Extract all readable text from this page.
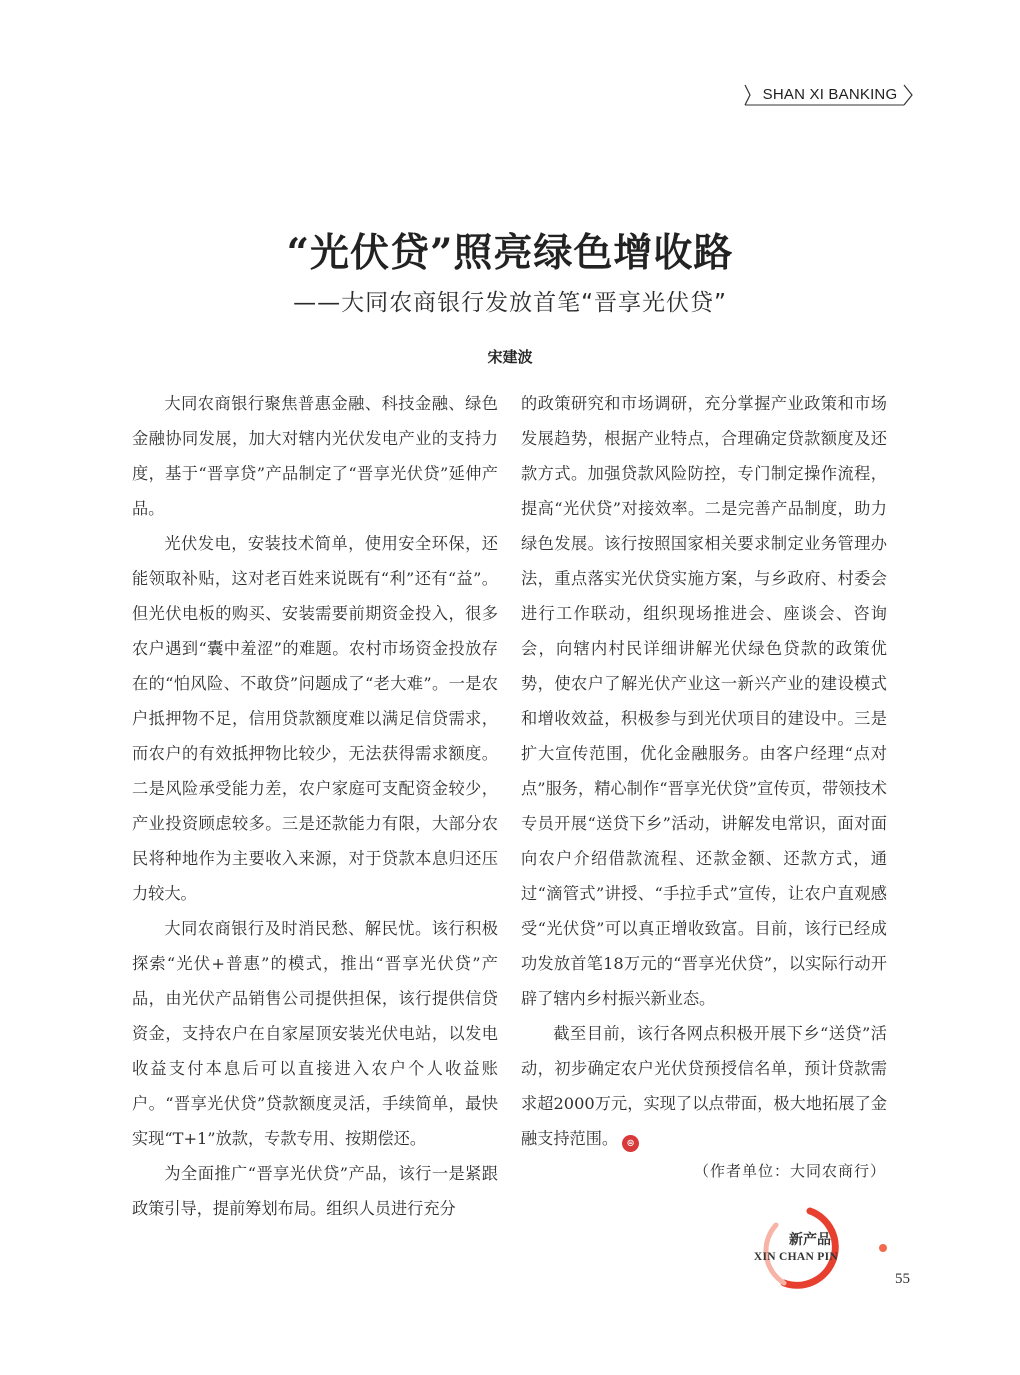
SHAN XI BANKING
“光伏贷”照亮绿色增收路
——大同农商银行发放首笔“晋享光伏贷”
宋建波

大同农商银行聚焦普惠金融、科技金融、绿色金融协同发展，加大对辖内光伏发电产业的支持力度，基于“晋享贷”产品制定了“晋享光伏贷”延伸产品。

光伏发电，安装技术简单，使用安全环保，还能领取补贴，这对老百姓来说既有“利”还有“益”。但光伏电板的购买、安装需要前期资金投入，很多农户遇到“囊中羞涩”的难题。农村市场资金投放存在的“怕风险、不敢贷”问题成了“老大难”。一是农户抵押物不足，信用贷款额度难以满足信贷需求，而农户的有效抵押物比较少，无法获得需求额度。二是风险承受能力差，农户家庭可支配资金较少，产业投资顾虑较多。三是还款能力有限，大部分农民将种地作为主要收入来源，对于贷款本息归还压力较大。

大同农商银行及时消民愁、解民忧。该行积极探索“光伏+普惠”的模式，推出“晋享光伏贷”产品，由光伏产品销售公司提供担保，该行提供信贷资金，支持农户在自家屋顶安装光伏电站，以发电收益支付本息后可以直接进入农户个人收益账户。“晋享光伏贷”贷款额度灵活，手续简单，最快实现“T+1”放款，专款专用、按期偿还。

为全面推广“晋享光伏贷”产品，该行一是紧跟政策引导，提前筹划布局。组织人员进行充分

的政策研究和市场调研，充分掌握产业政策和市场发展趋势，根据产业特点，合理确定贷款额度及还款方式。加强贷款风险防控，专门制定操作流程，提高“光伏贷”对接效率。二是完善产品制度，助力绿色发展。该行按照国家相关要求制定业务管理办法，重点落实光伏贷实施方案，与乡政府、村委会进行工作联动，组织现场推进会、座谈会、咨询会，向辖内村民详细讲解光伏绿色贷款的政策优势，使农户了解光伏产业这一新兴产业的建设模式和增收效益，积极参与到光伏项目的建设中。三是扩大宣传范围，优化金融服务。由客户经理“点对点”服务，精心制作“晋享光伏贷”宣传页，带领技术专员开展“送贷下乡”活动，讲解发电常识，面对面向农户介绍借款流程、还款金额、还款方式，通过“滴管式”讲授、“手拉手式”宣传，让农户直观感受“光伏贷”可以真正增收致富。目前，该行已经成功发放首笔18万元的“晋享光伏贷”，以实际行动开辟了辖内乡村振兴新业态。

截至目前，该行各网点积极开展下乡“送贷”活动，初步确定农户光伏贷预授信名单，预计贷款需求超2000万元，实现了以点带面，极大地拓展了金融支持范围。 ⊜

（作者单位：大同农商行）
新产品
XIN CHAN PIN
55
